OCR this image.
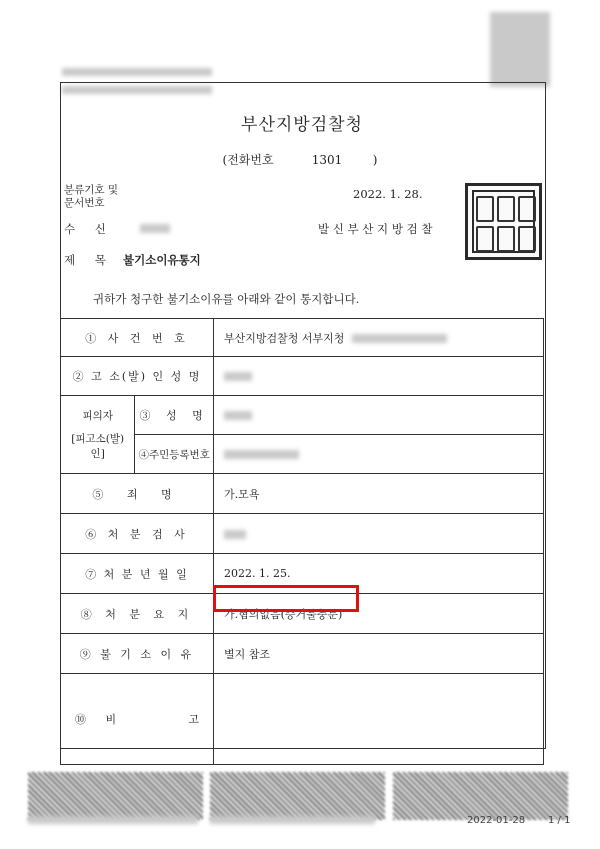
부산지방검찰청
(전화번호	1301	)
분류기호 및
문서번호
2022. 1. 28.
수 신	발 신 부 산 지 방 검 찰
제 목 불기소이유통지
귀하가 청구한 불기소이유를 아래와 같이 통지합니다.
① 사 건 번 호		부산지방검찰청 서부지청
② 고 소(발) 인 성 명		

피의자
[피고소(발)인]	③ 성 명	
	④주민등록번호	
⑤ 죄 명		가.모욕
⑥ 처 분 검 사		
⑦ 처 분 년 월 일		2022. 1. 25.
⑧ 처 분 요 지		가.혐의없음(증거불충분)
⑨ 불 기 소 이 유		별지 참조
⑩ 비 고		

2022-01-28 1 / 1
